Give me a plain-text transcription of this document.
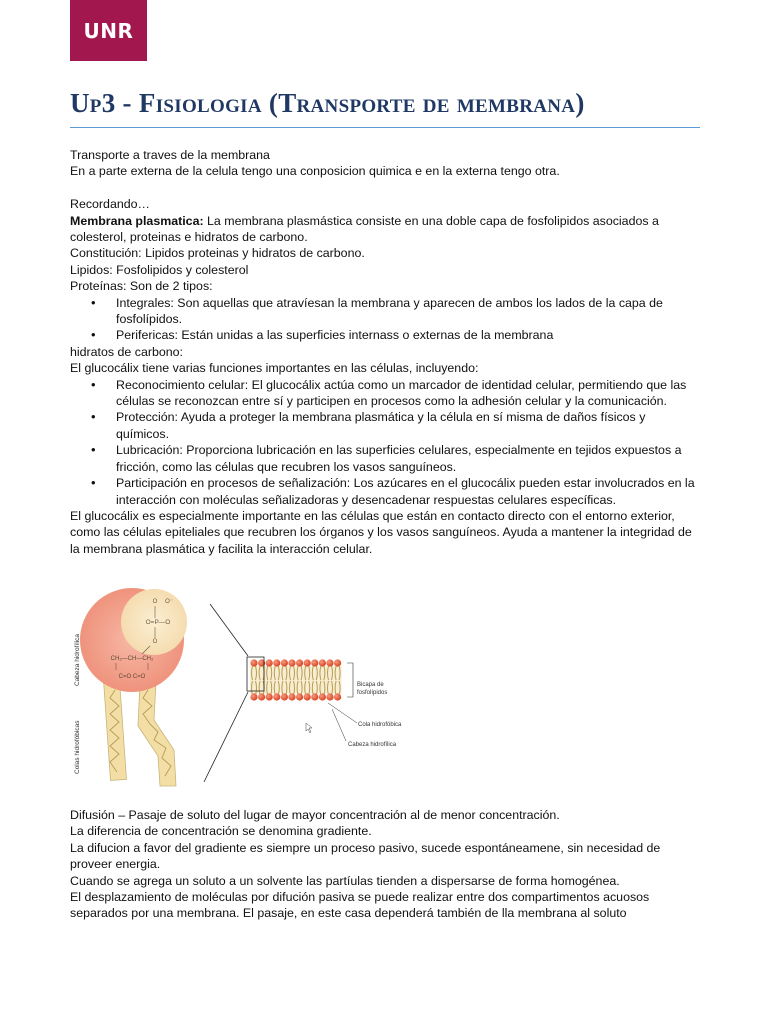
UNR
Up3 - Fisiologia (Transporte de membrana)

Transporte a traves de la membrana

En a parte externa de la celula tengo una conposicion quimica e en la externa tengo otra.

Recordando…

Membrana plasmatica: La membrana plasmástica consiste en una doble capa de fosfolipidos asociados a colesterol, proteinas e hidratos de carbono.

Constitución: Lipidos proteinas y hidratos de carbono.

Lipidos: Fosfolipidos y colesterol

Proteínas: Son de 2 tipos:

• Integrales: Son aquellas que atravíesan la membrana y aparecen de ambos los lados de la capa de fosfolípidos.
• Perifericas: Están unidas a las superficies internass o externas de la membrana

hidratos de carbono:

El glucocálix tiene varias funciones importantes en las células, incluyendo:

• Reconocimiento celular: El glucocálix actúa como un marcador de identidad celular, permitiendo que las células se reconozcan entre sí y participen en procesos como la adhesión celular y la comunicación.
• Protección: Ayuda a proteger la membrana plasmática y la célula en sí misma de daños físicos y químicos.
• Lubricación: Proporciona lubricación en las superficies celulares, especialmente en tejidos expuestos a fricción, como las células que recubren los vasos sanguíneos.
• Participación en procesos de señalización: Los azúcares en el glucocálix pueden estar involucrados en la interacción con moléculas señalizadoras y desencadenar respuestas celulares específicas.

El glucocálix es especialmente importante en las células que están en contacto directo con el entorno exterior, como las células epiteliales que recubren los órganos y los vasos sanguíneos. Ayuda a mantener la integridad de la membrana plasmática y facilita la interacción celular.

O O⁻
O=P—O
O
CH₂—CH—CH₂
C=O C=O
Cabeza hidrofílica
Colas hidrofóbicas
Bicapa de
fosfolípidos
Cola hidrofóbica
Cabeza hidrofílica

Difusión – Pasaje de soluto del lugar de mayor concentración al de menor concentración.

La diferencia de concentración se denomina gradiente.

La difucion a favor del gradiente es siempre un proceso pasivo, sucede espontáneamene, sin necesidad de proveer energia.

Cuando se agrega un soluto a un solvente las partíulas tienden a dispersarse de forma homogénea.

El desplazamiento de moléculas por difución pasiva se puede realizar entre dos compartimentos acuosos separados por una membrana. El pasaje, en este casa dependerá también de lla membrana al soluto
